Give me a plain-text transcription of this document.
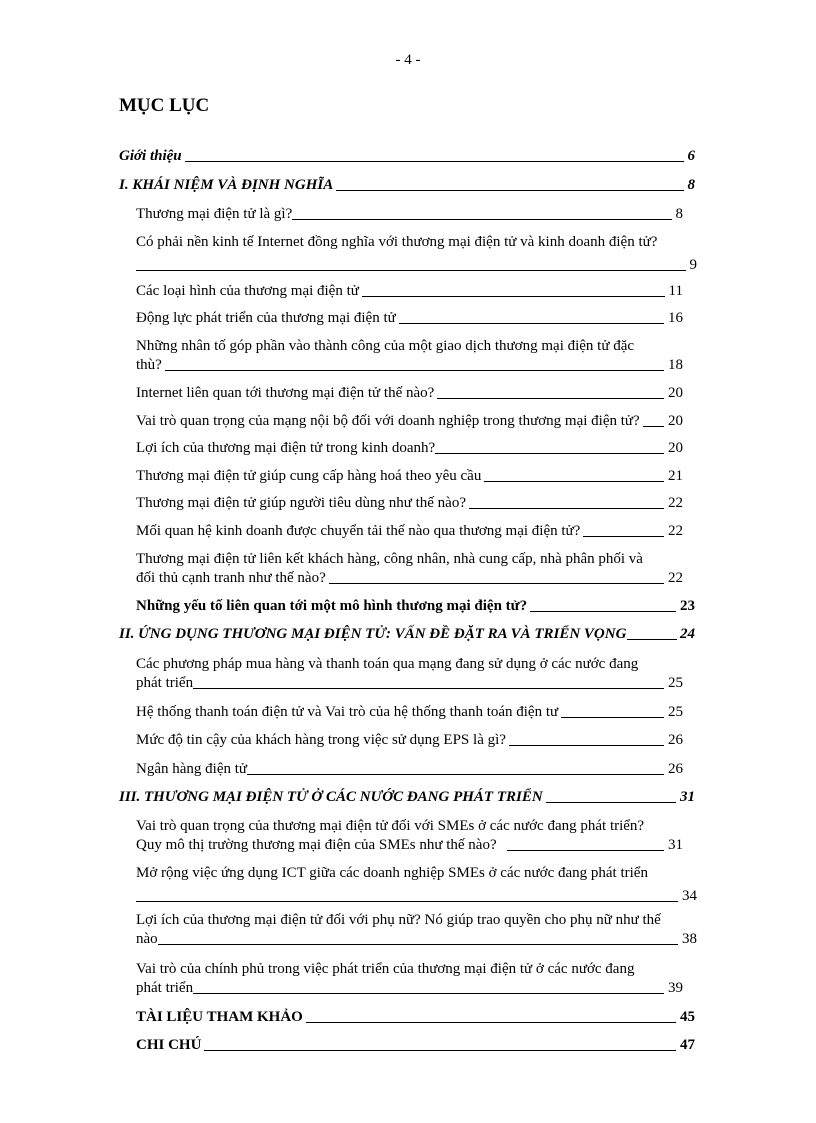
- 4 -
MỤC LỤC
Giới thiệu	6
I. KHÁI NIỆM VÀ ĐỊNH NGHĨA	8
Thương mại điện tử là gì?	8
Có phải nền kinh tế Internet đồng nghĩa với thương mại điện tử và kinh doanh điện tử?
9
Các loại hình của thương mại điện tử	11
Động lực phát triển của thương mại điện tử	16
Những nhân tố góp phần vào thành công của một giao dịch thương mại điện tử đặc
thù?	18
Internet liên quan tới thương mại điện tử thế nào?	20
Vai trò quan trọng của mạng nội bộ đối với doanh nghiệp trong thương mại điện tử? 20
Lợi ích của thương mại điện tử trong kinh doanh?	20
Thương mại điện tử giúp cung cấp hàng hoá theo yêu cầu	21
Thương mại điện tử giúp người tiêu dùng như thế nào?	22
Mối quan hệ kinh doanh được chuyển tải thế nào qua thương mại điện tử?	22
Thương mại điện tử liên kết khách hàng, công nhân, nhà cung cấp, nhà phân phối và
đối thủ cạnh tranh như thế nào?	22
Những yếu tố liên quan tới một mô hình thương mại điện tử?	23
II. ỨNG DỤNG THƯƠNG MẠI ĐIỆN TỬ: VẤN ĐỀ ĐẶT RA VÀ TRIỂN VỌNG	24
Các phương pháp mua hàng và thanh toán qua mạng đang sử dụng ở các nước đang
phát triển	25
Hệ thống thanh toán điện tử và Vai trò của hệ thống thanh toán điện tư	25
Mức độ tin cậy của khách hàng trong việc sử dụng EPS là gì?	26
Ngân hàng điện tử	26
III. THƯƠNG MẠI ĐIỆN TỬ Ở CÁC NƯỚC ĐANG PHÁT TRIỂN	31
Vai trò quan trọng của thương mại điện tử đối với SMEs ở các nước đang phát triển?
Quy mô thị trường thương mại điện của SMEs như thế nào?	31
Mở rộng việc ứng dụng ICT giữa các doanh nghiệp SMEs ở các nước đang phát triển
34
Lợi ích của thương mại điện tử đối với phụ nữ? Nó giúp trao quyền cho phụ nữ như thế
nào	38
Vai trò của chính phủ trong việc phát triển của thương mại điện tử ở các nước đang
phát triển	39
TÀI LIỆU THAM KHẢO	45
CHI CHÚ	47
